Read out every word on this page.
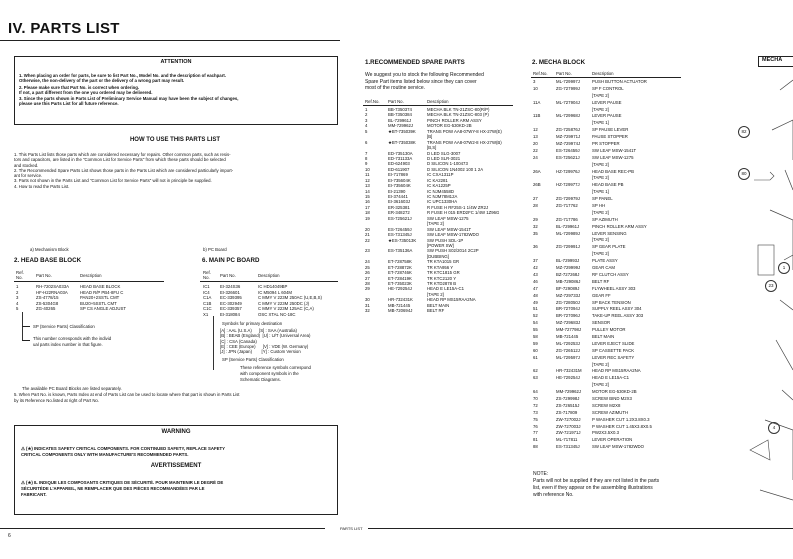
IV. PARTS LIST
ATTENTION
1. When placing an order for parts, be sure to list Part No., Model No. and the description of eachpart.
Otherwise, the non-delivery of the part or the delivery of a wrong part may result.
2. Please make sure that Part No. is correct when ordering.
If not, a part different from the one you ordered may be delivered.
3. Since the parts shown in Parts List of Preliminary Service Manual may have been the subject of changes,
please use this Parts List for all future reference.
HOW TO USE THIS PARTS LIST
1. This Parts List lists those parts which are considered necessary for repairs. Other common parts, such as resis-
tors and capacitors, are listed in the "Common List for Service Parts" from which these parts should be selected
and stocked.
2. The Recommended Spare Parts List shows those parts in the Parts List which are considered particularly import-
ant for service.
3. Parts not shown in the Parts List and "Common List for Service Parts" will not in principle be supplied.
4. How to read the Parts List.
a) Mechanism Block	b) PC Board
2. HEAD BASE BLOCK
Ref.
No.	Part No.	Description
1	RH-7202SA033A	HEAD BASE BLOCK
2	HF-H22RNA03A	HEAD R/P PB4-8FU C
3	ZS-4778/15	PAN20+2SSTL CMT
4	ZS-5304G8	BU20+5SSTL CMT
5	ZG-40265	SP CS ANGLE ADJUST
SP (Service Parts) Classification
This number corresponds with the individ
ual parts index number in that figure.
6. MAIN PC BOARD
Ref.
No.	Part No.	Description
IC1	EI-324S36	IC HD14049BP
IC4	EI-326601	IC M5094 L 604M
C1A	EC-339395	C MMY V 223M 250AC (U,E,B,S)
C1B	EC-302949	C MMY V 223M 250DC (J)
C1C	EC-339357	C MMY V 223M 125AC (C,A)
X1	EI-318084	OSC XTAL NC-18C
Symbols for primary destination
[A] : AAL (U.S.A)      [S] : SAA (Australia)
[B] : BEAB (England)  [U] : U/T (Universal Area)
[C] : CSA (Canada)
[E] : CEE (Europe)      [V] : VDE (W. Germany)
[J] : JPN (Japan)        [Y] : Custom Version
SP (Service Parts) Classification
These reference symbols correspond
with component symbols in the
Schematic Diagrams.
The available PC Board Blocks are listed separately.
5. When Part No. is known, Parts Index at end of Parts List can be used to locate where that part is shown in Parts List
by its Reference No.listed at right of Part No.
WARNING
⚠ (★) INDICATES SAFETY CRITICAL COMPONENTS. FOR CONTINUED SAFETY, REPLACE SAFETY
CRITICAL COMPONENTS ONLY WITH MANUFACTURE'S RECOMMENDED PARTS.
AVERTISSEMENT
⚠ (★) IL INDIQUE LES COMPOSANTS CRITIQUES DE SÉCURITÉ. POUR MAINTENIR LE DEGRÉ DE
SÉCURITÉDE L'APPAREIL, NE REMPLACER QUE DES PIÈCES RECOMMANDÉES PAR LE
FABRICANT.
PARTS LIST
6
1.RECOMMENDED SPARE PARTS
We suggest you to stock the following Recommended
Spare Part items listed below since they can cover
most of the routine service.
Ref.No. Part No.	Description
1	BB-7350374	MECHA BLK TN-21ZSC-80(R/P)
2	BB-7350384	MECHA BLK TN-21ZSC-803 (P)
3	BL-729961J	PINCH ROLLER ARM ASSY
4	MM-729962J	MOTOR EG-530KD-2B
5	★BT-735039K	TRANS POW AA8-07WY-8 HX-27W(E)
[B]
6	★BT-735038K	TRANS POW AA8-07W2-8 HX-27W(B)
[B,S]
7	ED-735130A	D LED SLG-3007
8	ED-731133A	D LED SLR-3021
9	ED-624903	D SILICON 1-100473
10	ED-611907	D SILICON 1N4002 100 1 2A
11	EI-717869	IC CXA1311P
12	EI-735604K	IC KA2281
13	EI-735604K	IC KA1225P
14	EI-21390	IC NJM4558D
15	EI-374441	IC NJM78M12A
16	EI-361603J	IC UPC1330HA
17	ER-325381	R FUSE H RF25S-1 1/4W ZR2J
18	ER-348272	R FUSE H 015 ERD2FC 1/4W 1Z96G
19	ES-725621J	SW LEAF MSW-1275
[TAPE 2]
20	ES-726459J	SW LEAF MSW-1541T
21	ES-731345J	SW LEAF MSW-1782WDO
22	★ES-735013K	SW PUSH SDL-1P
[POWER SW]
23	ES-735136A	SW PUSH S02/2014 2C2P
[DUBBING]
24	ET-728758K	TR KTA1015 GR
25	ET-728872K	TR KTA956 Y
26	ET-728746K	TR KTC1815 GR
27	ET-728419K	TR KTC2120 Y
28	ET-735023K	TR KTD2878 B
29	HE-729254J	HEAD E LE15A-C1
[TAPE 2]
30	HR-732431K	HEAD RP MS15RAA2NA
31	MB-721445	BELT MAIN
32	MB-720694J	BELT RF
2. MECHA BLOCK
Ref.No. Part No.	Description
3	ML-729997J	PUSH BUTTON ACTUATOR
10	ZG-727999J	SP F CONTROL
[TAPE 2]
11A	ML-727904J	LEVER PAUSE
[TAPE 2]
11B	ML-729968J	LEVER PAUSE
[TAPE 1]
12	ZG-725876J	SP PAUSE LEVER
13	MZ-729971J	PAUSE STOPPER
20	MZ-729974J	PR STOPPER
22	ES-726459J	SW LEAF MSW-1541T
24	ES-725621J	SW LEAF MSW-1275
[TAPE 2]
26A	HZ-729976J	HEAD BASE REC-PB
[TAPE 2]
26B	HZ-729977J	HEAD BASE PB
[TAPE 1]
27	ZG-729979J	SP PANEL
28	ZG-717762	SP HH
[TAPE 2]
29	ZG-717786	SP AZIMUTH
32	BL-729961J	PINCH ROLLER ARM ASSY
35	ML-729989J	LEVER SENSING
[TAPE 2]
36	ZG-729991J	SP GEAR PLATE
[TAPE 2]
37	BL-729993J	PLATE ASSY
42	MZ-729999J	GEAR CAM
43	BZ-727268J	RF CLUTCH ASSY
46	MB-729086J	BELT RF
47	BF-729089J	FLYWHEEL ASSY 303
48	MZ-729733J	GEAR FF
49	ZG-728050J	SP BACK TENSION
51	BR-727094J	SUPPLY REEL ASSY 304
52	BR-727096J	TAKE-UP REEL ASSY 303
54	MZ-729683J	SENSOR
55	MM-727798J	PULLEY MOTOR
58	MB-721445	BELT MAIN
59	ML-729253J	LEVER EJECT SLIDE
60	ZG-726512J	SP CASSETTE PACK
61	ML-729597J	LEVER REC SAFETY
[TAPE 2]
62	HR-732431M	HEAD RP MS15RAA2NA
63	HE-729254J	HEAD E LE15A-C1
[TAPE 2]
64	MM-729962J	MOTOR EG-530KD-2B
70	ZS-729998J	SCREW BIND M2X3
72	ZS-726515J	SCREW M2X8
73	ZS-717809	SCREW AZIMUTH
75	ZW-727002J	P WASHER CUT 1.2X3.8X0.3
76	ZW-727003J	P WASHER CUT 1.45X3.8X0.5
77	ZW-721971J	PW2X3.5X0.3
81	ML-717811	LEVER OPERATION
88	ES-731345J	SW LEAF MSW-1782WDO
NOTE:
Parts will not be supplied if they are not listed in the parts
list, even if they appear on the assembling illustrations
with reference No.
MECHA
82
80
1
23
4
